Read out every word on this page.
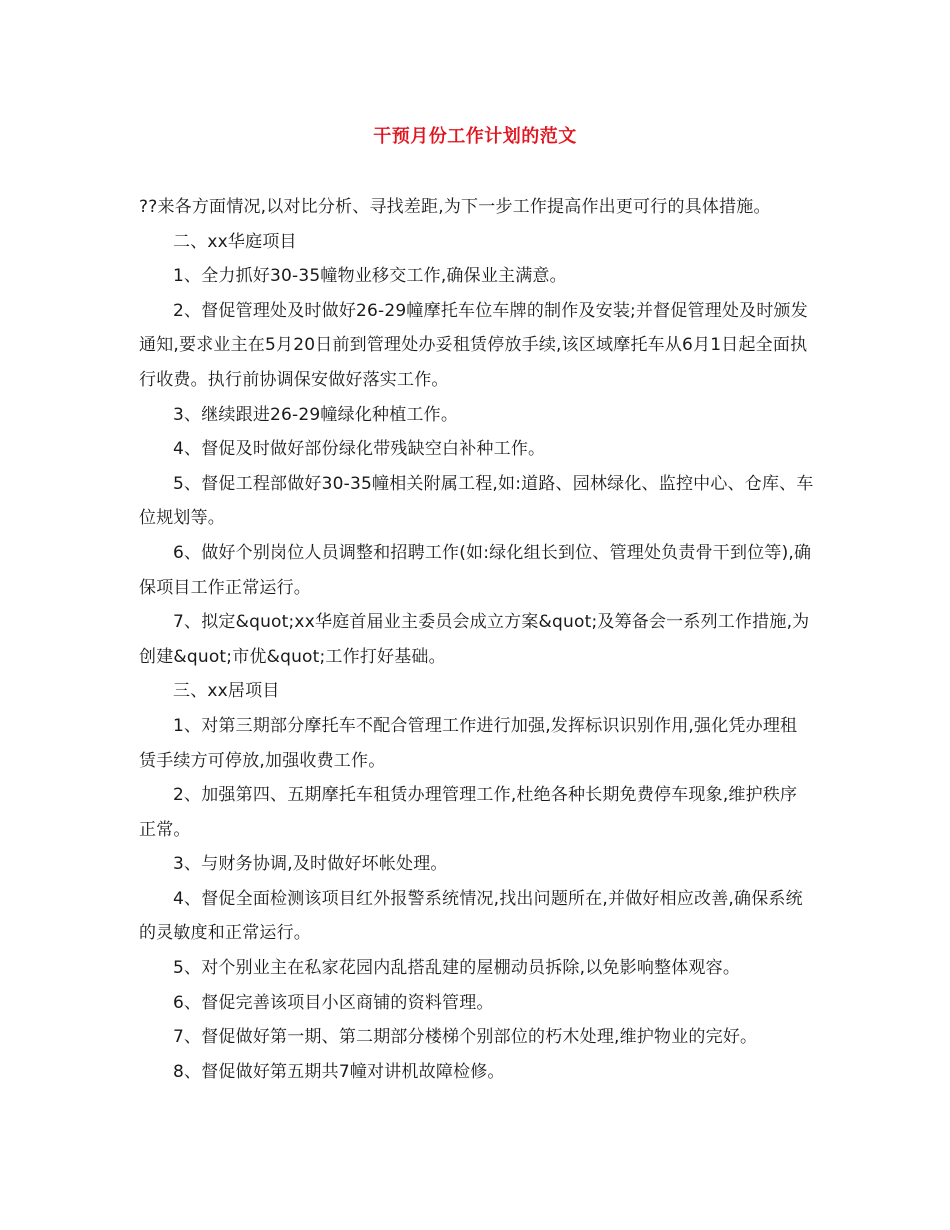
干预月份工作计划的范文

??来各方面情况,以对比分析、寻找差距,为下一步工作提高作出更可行的具体措施。

二、xx华庭项目

1、全力抓好30-35幢物业移交工作,确保业主满意。

2、督促管理处及时做好26-29幢摩托车位车牌的制作及安装;并督促管理处及时颁发通知,要求业主在5月20日前到管理处办妥租赁停放手续,该区域摩托车从6月1日起全面执行收费。执行前协调保安做好落实工作。

3、继续跟进26-29幢绿化种植工作。

4、督促及时做好部份绿化带残缺空白补种工作。

5、督促工程部做好30-35幢相关附属工程,如:道路、园林绿化、监控中心、仓库、车位规划等。

6、做好个别岗位人员调整和招聘工作(如:绿化组长到位、管理处负责骨干到位等),确保项目工作正常运行。

7、拟定&quot;xx华庭首届业主委员会成立方案&quot;及筹备会一系列工作措施,为创建&quot;市优&quot;工作打好基础。

三、xx居项目

1、对第三期部分摩托车不配合管理工作进行加强,发挥标识识别作用,强化凭办理租赁手续方可停放,加强收费工作。

2、加强第四、五期摩托车租赁办理管理工作,杜绝各种长期免费停车现象,维护秩序正常。

3、与财务协调,及时做好坏帐处理。

4、督促全面检测该项目红外报警系统情况,找出问题所在,并做好相应改善,确保系统的灵敏度和正常运行。

5、对个别业主在私家花园内乱搭乱建的屋棚动员拆除,以免影响整体观容。

6、督促完善该项目小区商铺的资料管理。

7、督促做好第一期、第二期部分楼梯个别部位的朽木处理,维护物业的完好。

8、督促做好第五期共7幢对讲机故障检修。
